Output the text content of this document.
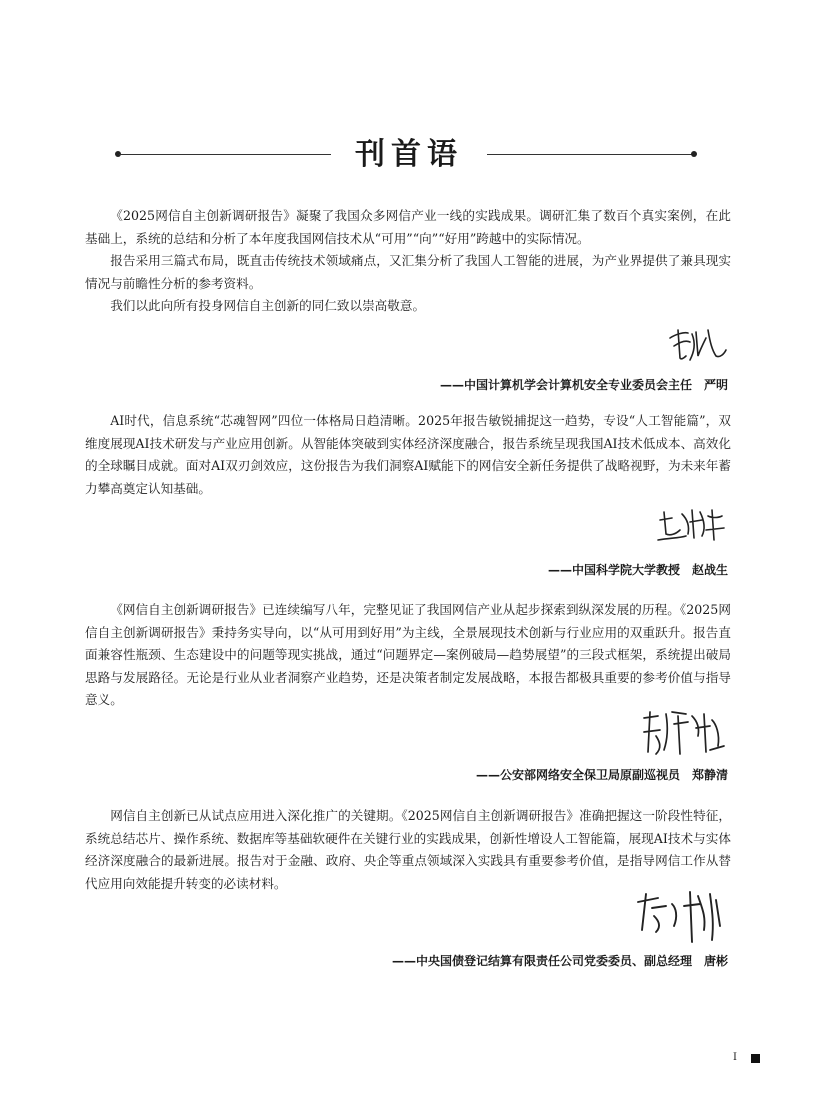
刊首语

《2025网信自主创新调研报告》凝聚了我国众多网信产业一线的实践成果。调研汇集了数百个真实案例，在此基础上，系统的总结和分析了本年度我国网信技术从“可用”“向”“好用”跨越中的实际情况。

报告采用三篇式布局，既直击传统技术领域痛点，又汇集分析了我国人工智能的进展，为产业界提供了兼具现实情况与前瞻性分析的参考资料。

我们以此向所有投身网信自主创新的同仁致以崇高敬意。

——中国计算机学会计算机安全专业委员会主任　严明

AI时代，信息系统“芯魂智网”四位一体格局日趋清晰。2025年报告敏锐捕捉这一趋势，专设“人工智能篇”，双维度展现AI技术研发与产业应用创新。从智能体突破到实体经济深度融合，报告系统呈现我国AI技术低成本、高效化的全球瞩目成就。面对AI双刃剑效应，这份报告为我们洞察AI赋能下的网信安全新任务提供了战略视野，为未来年蓄力攀高奠定认知基础。

——中国科学院大学教授　赵战生

《网信自主创新调研报告》已连续编写八年，完整见证了我国网信产业从起步探索到纵深发展的历程。《2025网信自主创新调研报告》秉持务实导向，以“从可用到好用”为主线，全景展现技术创新与行业应用的双重跃升。报告直面兼容性瓶颈、生态建设中的问题等现实挑战，通过“问题界定—案例破局—趋势展望”的三段式框架，系统提出破局思路与发展路径。无论是行业从业者洞察产业趋势，还是决策者制定发展战略，本报告都极具重要的参考价值与指导意义。

——公安部网络安全保卫局原副巡视员　郑静清

网信自主创新已从试点应用进入深化推广的关键期。《2025网信自主创新调研报告》准确把握这一阶段性特征，系统总结芯片、操作系统、数据库等基础软硬件在关键行业的实践成果，创新性增设人工智能篇，展现AI技术与实体经济深度融合的最新进展。报告对于金融、政府、央企等重点领域深入实践具有重要参考价值，是指导网信工作从替代应用向效能提升转变的必读材料。

——中央国债登记结算有限责任公司党委委员、副总经理　唐彬
I
